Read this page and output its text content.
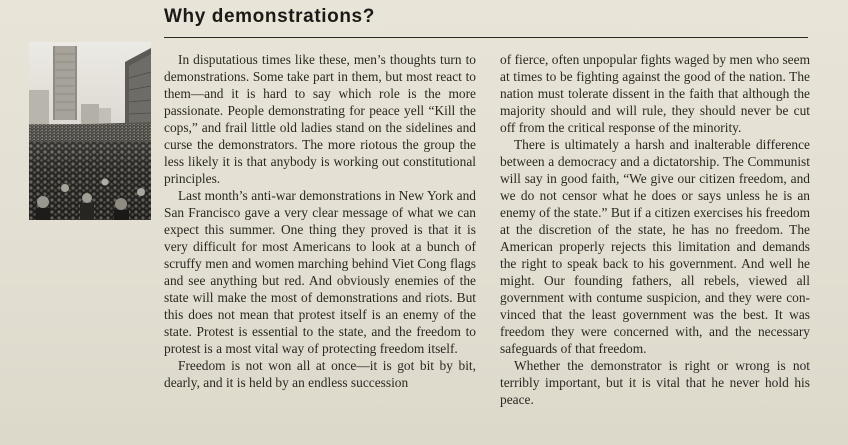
Why demonstrations?

In disputatious times like these, men’s thoughts turn to demonstrations. Some take part in them, but most react to them—and it is hard to say which role is the more passionate. People demonstrating for peace yell “Kill the cops,” and frail little old ladies stand on the sidelines and curse the demonstrators. The more riotous the group the less likely it is that anybody is working out constitutional principles.

Last month’s anti-war demonstrations in New York and San Francisco gave a very clear message of what we can expect this summer. One thing they proved is that it is very difficult for most Americans to look at a bunch of scruffy men and women marching behind Viet Cong flags and see anything but red. And obviously enemies of the state will make the most of demonstrations and riots. But this does not mean that protest itself is an enemy of the state. Protest is essential to the state, and the freedom to protest is a most vital way of protecting freedom itself.

Freedom is not won all at once—it is got bit by bit, dearly, and it is held by an endless succession

of fierce, often unpopular fights waged by men who seem at times to be fighting against the good of the nation. The nation must tolerate dissent in the faith that although the majority should and will rule, they should never be cut off from the critical response of the minority.

There is ultimately a harsh and inalterable difference between a democracy and a dictatorship. The Communist will say in good faith, “We give our citizen freedom, and we do not censor what he does or says unless he is an enemy of the state.” But if a citizen exercises his freedom at the discretion of the state, he has no freedom. The American properly rejects this limitation and demands the right to speak back to his government. And well he might. Our founding fathers, all rebels, viewed all government with contume suspicion, and they were convinced that the least government was the best. It was freedom they were concerned with, and the necessary safeguards of that freedom.

Whether the demonstrator is right or wrong is not terribly important, but it is vital that he never hold his peace.
